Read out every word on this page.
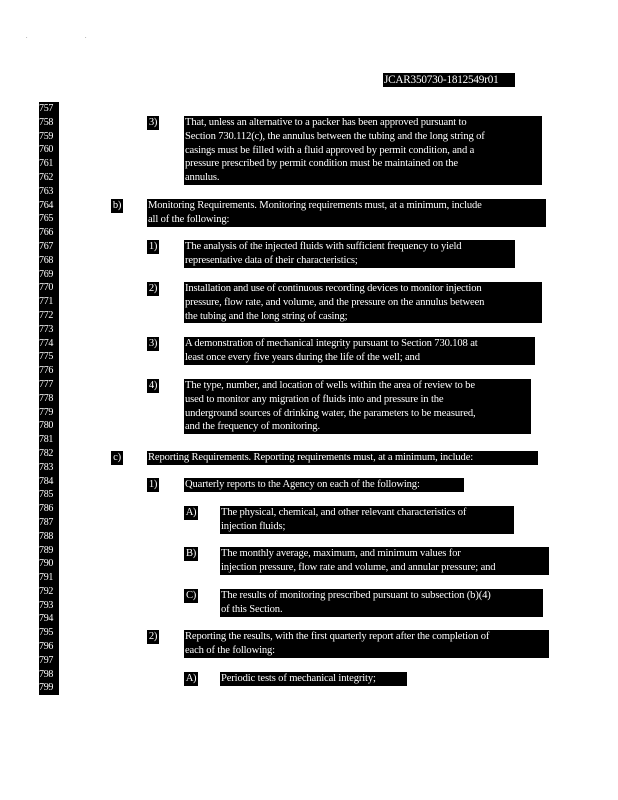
. .
JCAR350730-1812549r01
757
758
759
760
761
762
763
764
765
766
767
768
769
770
771
772
773
774
775
776
777
778
779
780
781
782
783
784
785
786
787
788
789
790
791
792
793
794
795
796
797
798
799
3)	That, unless an alternative to a packer has been approved pursuant to
Section 730.112(c), the annulus between the tubing and the long string of
casings must be filled with a fluid approved by permit condition, and a
pressure prescribed by permit condition must be maintained on the
annulus.
b)	Monitoring Requirements. Monitoring requirements must, at a minimum, include
all of the following:
1)	The analysis of the injected fluids with sufficient frequency to yield
representative data of their characteristics;
2)	Installation and use of continuous recording devices to monitor injection
pressure, flow rate, and volume, and the pressure on the annulus between
the tubing and the long string of casing;
3)	A demonstration of mechanical integrity pursuant to Section 730.108 at
least once every five years during the life of the well; and
4)	The type, number, and location of wells within the area of review to be
used to monitor any migration of fluids into and pressure in the
underground sources of drinking water, the parameters to be measured,
and the frequency of monitoring.
c)	Reporting Requirements. Reporting requirements must, at a minimum, include:
1)	Quarterly reports to the Agency on each of the following:
A) The physical, chemical, and other relevant characteristics of
injection fluids;
B) The monthly average, maximum, and minimum values for
injection pressure, flow rate and volume, and annular pressure; and
C) The results of monitoring prescribed pursuant to subsection (b)(4)
of this Section.
2)	Reporting the results, with the first quarterly report after the completion of
each of the following:
A) Periodic tests of mechanical integrity;
